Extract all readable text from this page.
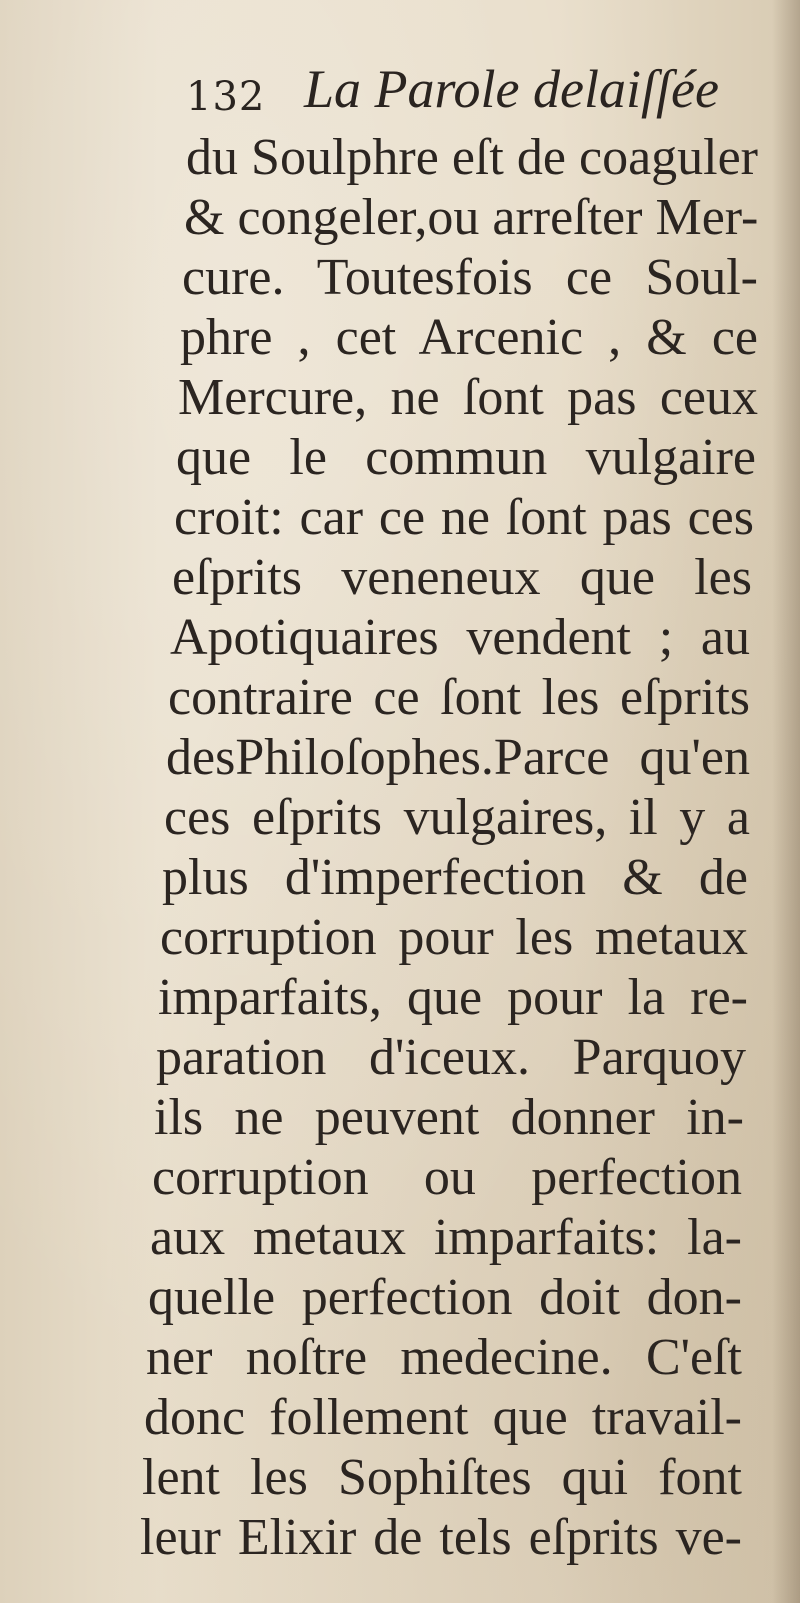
132 La Parole delaiſſée
du Soulphre eſt de coaguler
& congeler,ou arreſter Mer-
cure. Toutesfois ce Soul-
phre , cet Arcenic , & ce
Mercure, ne ſont pas ceux
que le commun vulgaire
croit: car ce ne ſont pas ces
eſprits veneneux que les
Apotiquaires vendent ; au
contraire ce ſont les eſprits
desPhiloſophes.Parce qu'en
ces eſprits vulgaires, il y a
plus d'imperfection & de
corruption pour les metaux
imparfaits, que pour la re-
paration d'iceux. Parquoy
ils ne peuvent donner in-
corruption ou perfection
aux metaux imparfaits: la-
quelle perfection doit don-
ner noſtre medecine. C'eſt
donc follement que travail-
lent les Sophiſtes qui font
leur Elixir de tels eſprits ve-
